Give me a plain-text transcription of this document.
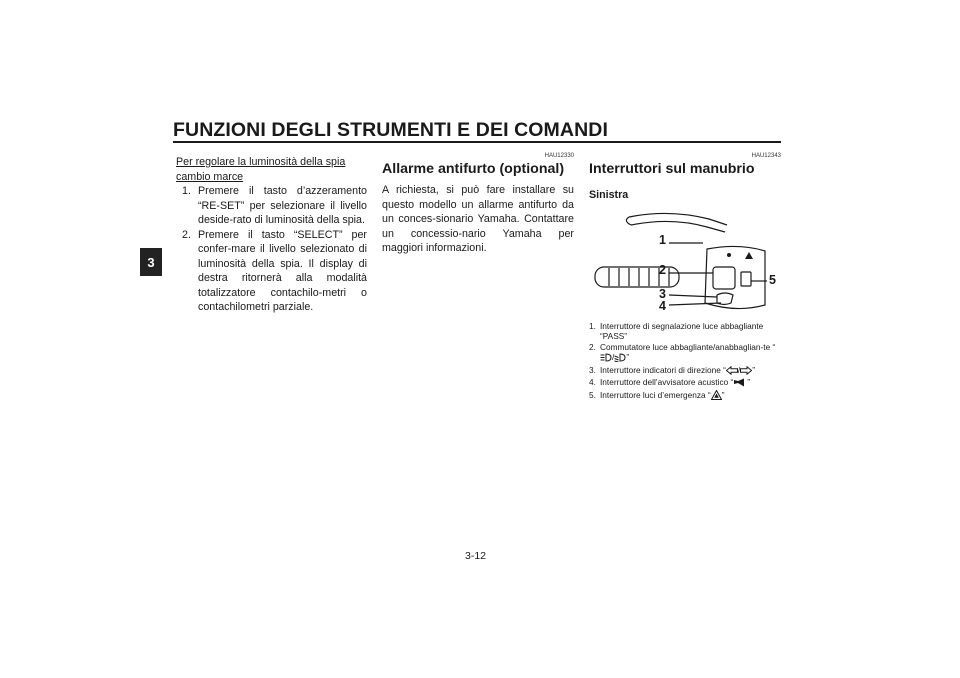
FUNZIONI DEGLI STRUMENTI E DEI COMANDI
3

Per regolare la luminosità della spia cambio marce

1. Premere il tasto d’azzeramento “RE-SET” per selezionare il livello deside-rato di luminosità della spia.
2. Premere il tasto “SELECT” per confer-mare il livello selezionato di luminosità della spia. Il display di destra ritornerà alla modalità totalizzatore contachilo-metri o contachilometri parziale.
HAU12330
Allarme antifurto (optional)

A richiesta, si può fare installare su questo modello un allarme antifurto da un conces-sionario Yamaha. Contattare un concessio-nario Yamaha per maggiori informazioni.

HAU12343
Interruttori sul manubrio
Sinistra
1
2
3
4
5
1. Interruttore di segnalazione luce abbagliante “PASS”
2. Commutatore luce abbagliante/anabbaglian-te “/ ”
3. Interruttore indicatori di direzione “ / ”
4. Interruttore dell’avvisatore acustico “ ”
5. Interruttore luci d’emergenza “ ”
3-12
